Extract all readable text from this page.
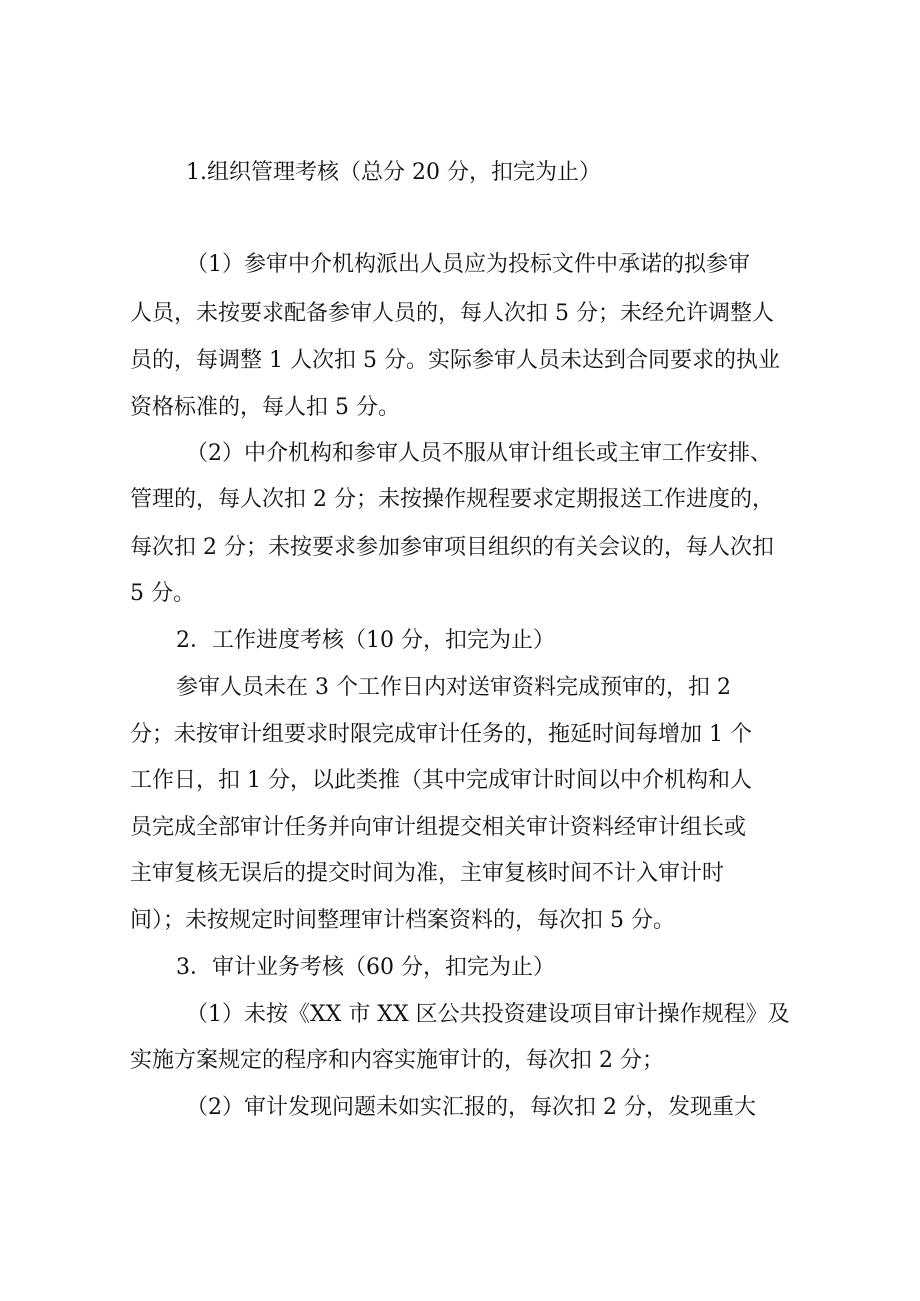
1.组织管理考核（总分 20 分，扣完为止）

（1）参审中介机构派出人员应为投标文件中承诺的拟参审

人员，未按要求配备参审人员的，每人次扣 5 分；未经允许调整人

员的，每调整 1 人次扣 5 分。实际参审人员未达到合同要求的执业

资格标准的，每人扣 5 分。

（2）中介机构和参审人员不服从审计组长或主审工作安排、

管理的，每人次扣 2 分；未按操作规程要求定期报送工作进度的，

每次扣 2 分；未按要求参加参审项目组织的有关会议的，每人次扣

5 分。

2．工作进度考核（10 分，扣完为止）

参审人员未在 3 个工作日内对送审资料完成预审的，扣 2

分；未按审计组要求时限完成审计任务的，拖延时间每增加 1 个

工作日，扣 1 分，以此类推（其中完成审计时间以中介机构和人

员完成全部审计任务并向审计组提交相关审计资料经审计组长或

主审复核无误后的提交时间为准，主审复核时间不计入审计时

间）；未按规定时间整理审计档案资料的，每次扣 5 分。

3．审计业务考核（60 分，扣完为止）

（1）未按《XX 市 XX 区公共投资建设项目审计操作规程》及

实施方案规定的程序和内容实施审计的，每次扣 2 分；

（2）审计发现问题未如实汇报的，每次扣 2 分，发现重大
